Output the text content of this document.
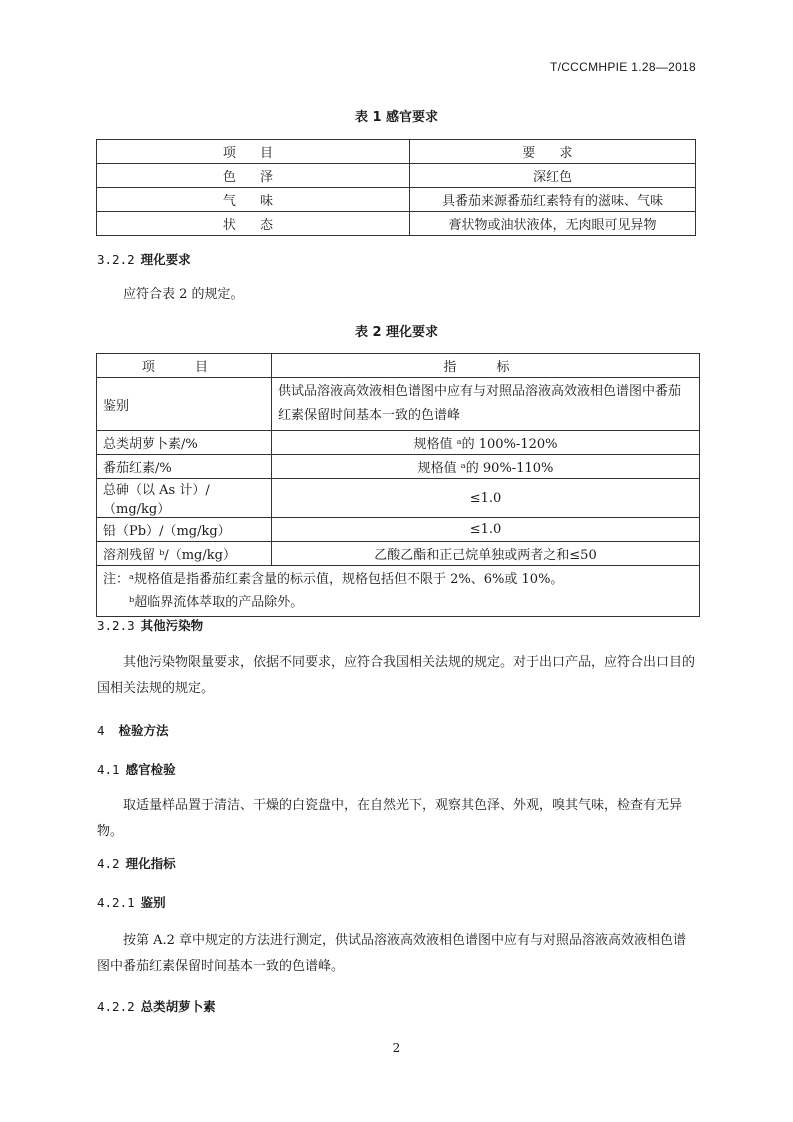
T/CCCMHPIE 1.28—2018
表 1 感官要求
项 目	要 求
色 泽	深红色
气 味	具番茄来源番茄红素特有的滋味、气味
状 态	膏状物或油状液体，无肉眼可见异物
3.2.2 理化要求

应符合表 2 的规定。

表 2 理化要求
项 目	指 标
鉴别	供试品溶液高效液相色谱图中应有与对照品溶液高效液相色谱图中番茄红素保留时间基本一致的色谱峰
总类胡萝卜素/%	规格值 ᵃ的 100%-120%
番茄红素/%	规格值 ᵃ的 90%-110%
总砷（以 As 计）/（mg/kg）	≤1.0
铅（Pb）/（mg/kg）	≤1.0
溶剂残留 ᵇ/（mg/kg）	乙酸乙酯和正己烷单独或两者之和≤50

注：ᵃ规格值是指番茄红素含量的标示值，规格包括但不限于 2%、6%或 10%。
ᵇ超临界流体萃取的产品除外。	
3.2.3 其他污染物

其他污染物限量要求，依据不同要求，应符合我国相关法规的规定。对于出口产品，应符合出口目的国相关法规的规定。

4 检验方法
4.1 感官检验

取适量样品置于清洁、干燥的白瓷盘中，在自然光下，观察其色泽、外观，嗅其气味，检查有无异物。

4.2 理化指标
4.2.1 鉴别

按第 A.2 章中规定的方法进行测定，供试品溶液高效液相色谱图中应有与对照品溶液高效液相色谱图中番茄红素保留时间基本一致的色谱峰。

4.2.2 总类胡萝卜素
2
